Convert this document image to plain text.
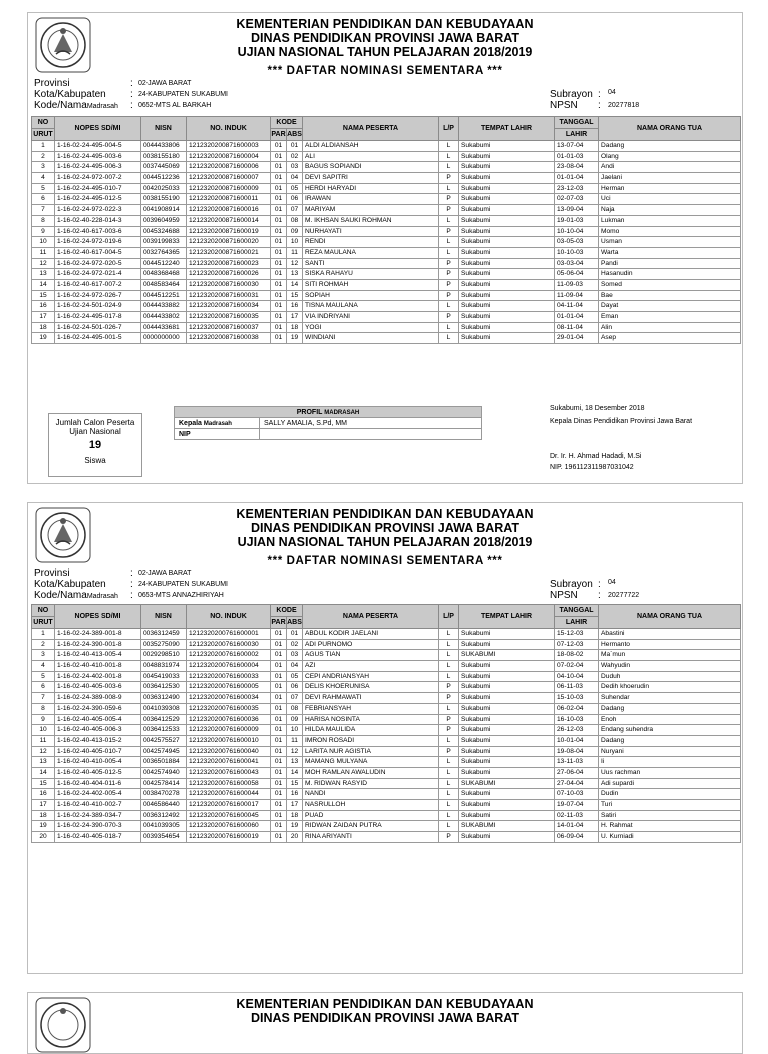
KEMENTERIAN PENDIDIKAN DAN KEBUDAYAAN
DINAS PENDIDIKAN PROVINSI JAWA BARAT
UJIAN NASIONAL TAHUN PELAJARAN 2018/2019
*** DAFTAR NOMINASI SEMENTARA ***
Provinsi	: 02-JAWA BARAT
Kota/Kabupaten : 24-KABUPATEN SUKABUMI
Kode/NamaMadrasah : 0652-MTS AL BARKAH
Subrayon : 04
NPSN : 20277818
NO	NOPES SD/MI	NISN	NO. INDUK	KODE		NAMA PESERTA	L/P	TEMPAT LAHIR	TANGGAL	NAMA ORANG TUA
URUT				PAR	ABS				LAHIR	
1	1-16-02-24-495-004-5	0044433806	1212320200871600003	01	01	ALDI ALDIANSAH	L	Sukabumi	13-07-04	Dadang
2	1-16-02-24-495-003-6	0038155180	1212320200871600004	01	02	ALI	L	Sukabumi	01-01-03	Olang
3	1-16-02-24-495-006-3	0037445069	1212320200871600006	01	03	BAGUS SOPIANDI	L	Sukabumi	23-08-04	Andi
4	1-16-02-24-972-007-2	0044512236	1212320200871600007	01	04	DEVI SAPITRI	P	Sukabumi	01-01-04	Jaelani
5	1-16-02-24-495-010-7	0042025033	1212320200871600009	01	05	HERDI HARYADI	L	Sukabumi	23-12-03	Herman
6	1-16-02-24-495-012-5	0038155190	1212320200871600011	01	06	IRAWAN	P	Sukabumi	02-07-03	Uci
7	1-16-02-24-972-022-3	0041908914	1212320200871600016	01	07	MARIYAM	P	Sukabumi	13-09-04	Naja
8	1-16-02-40-228-014-3	0039604959	1212320200871600014	01	08	M. IKHSAN SAUKI ROHMAN	L	Sukabumi	19-01-03	Lukman
9	1-16-02-40-617-003-6	0045324688	1212320200871600019	01	09	NURHAYATI	P	Sukabumi	10-10-04	Momo
10	1-16-02-24-972-019-6	0039199833	1212320200871600020	01	10	RENDI	L	Sukabumi	03-05-03	Usman
11	1-16-02-40-617-004-5	0032764365	1212320200871600021	01	11	REZA MAULANA	L	Sukabumi	10-10-03	Warta
12	1-16-02-24-972-020-5	0044512240	1212320200871600023	01	12	SANTI	P	Sukabumi	03-03-04	Pandi
13	1-16-02-24-972-021-4	0048368468	1212320200871600026	01	13	SISKA RAHAYU	P	Sukabumi	05-06-04	Hasanudin
14	1-16-02-40-617-007-2	0048583464	1212320200871600030	01	14	SITI ROHMAH	P	Sukabumi	11-09-03	Somed
15	1-16-02-24-972-026-7	0044512251	1212320200871600031	01	15	SOPIAH	P	Sukabumi	11-09-04	Bae
16	1-16-02-24-501-024-9	0044433882	1212320200871600034	01	16	TISNA MAULANA	L	Sukabumi	04-11-04	Dayat
17	1-16-02-24-495-017-8	0044433802	1212320200871600035	01	17	VIA INDRIYANI	P	Sukabumi	01-01-04	Eman
18	1-16-02-24-501-026-7	0044433681	1212320200871600037	01	18	YOGI	L	Sukabumi	08-11-04	Alin
19	1-16-02-24-495-001-5	0000000000	1212320200871600038	01	19	WINDIANI	L	Sukabumi	29-01-04	Asep
Jumlah Calon Peserta
Ujian Nasional
19
Siswa
PROFIL MADRASAH	
Kepala Madrasah	SALLY AMALIA, S.Pd, MM
NIP	
Sukabumi, 18 Desember 2018
Kepala Dinas Pendidikan Provinsi Jawa Barat
Dr. Ir. H. Ahmad Hadadi, M.Si
NIP. 196112311987031042
KEMENTERIAN PENDIDIKAN DAN KEBUDAYAAN
DINAS PENDIDIKAN PROVINSI JAWA BARAT
UJIAN NASIONAL TAHUN PELAJARAN 2018/2019
*** DAFTAR NOMINASI SEMENTARA ***
Provinsi	: 02-JAWA BARAT
Kota/Kabupaten : 24-KABUPATEN SUKABUMI
Kode/NamaMadrasah : 0653-MTS ANNAZHIRIYAH
Subrayon : 04
NPSN : 20277722
NO	NOPES SD/MI	NISN	NO. INDUK	KODE		NAMA PESERTA	L/P	TEMPAT LAHIR	TANGGAL	NAMA ORANG TUA
URUT				PAR	ABS				LAHIR	
1	1-16-02-24-389-001-8	0036312459	1212320200761600001	01	01	ABDUL KODIR JAELANI	L	Sukabumi	15-12-03	Abastini
2	1-16-02-24-390-001-8	0035275090	1212320200761600030	01	02	ADI PURNOMO	L	Sukabumi	07-12-03	Hermanto
3	1-16-02-40-413-005-4	0029298510	1212320200761600002	01	03	AGUS TIAN	L	SUKABUMI	18-08-02	Ma`mun
4	1-16-02-40-410-001-8	0048831974	1212320200761600004	01	04	AZI	L	Sukabumi	07-02-04	Wahyudin
5	1-16-02-24-402-001-8	0045419033	1212320200761600033	01	05	CEPI ANDRIANSYAH	L	Sukabumi	04-10-04	Duduh
6	1-16-02-40-405-003-6	0036412530	1212320200761600005	01	06	DELIS KHOERUNISA	P	Sukabumi	06-11-03	Dedih khoerudin
7	1-16-02-24-389-008-9	0036312490	1212320200761600034	01	07	DEVI RAHMAWATI	P	Sukabumi	15-10-03	Suhendar
8	1-16-02-24-390-059-6	0041039308	1212320200761600035	01	08	FEBRIANSYAH	L	Sukabumi	06-02-04	Dadang
9	1-16-02-40-405-005-4	0036412529	1212320200761600036	01	09	HARISA NOSINTA	P	Sukabumi	16-10-03	Enoh
10	1-16-02-40-405-006-3	0036412533	1212320200761600009	01	10	HILDA MAULIDA	P	Sukabumi	26-12-03	Endang suhendra
11	1-16-02-40-413-015-2	0042575527	1212320200761600010	01	11	IMRON ROSADI	L	Sukabumi	10-01-04	Dadang
12	1-16-02-40-405-010-7	0042574945	1212320200761600040	01	12	LARITA NUR AGISTIA	P	Sukabumi	19-08-04	Nuryani
13	1-16-02-40-410-005-4	0036501884	1212320200761600041	01	13	MAMANG MULYANA	L	Sukabumi	13-11-03	Ii
14	1-16-02-40-405-012-5	0042574940	1212320200761600043	01	14	MOH RAMLAN AWALUDIN	L	Sukabumi	27-06-04	Uus rachman
15	1-16-02-40-404-011-6	0042578414	1212320200761600058	01	15	M. RIDWAN RASYID	L	SUKABUMI	27-04-04	Adi supardi
16	1-16-02-24-402-005-4	0038470278	1212320200761600044	01	16	NANDI	L	Sukabumi	07-10-03	Dudin
17	1-16-02-40-410-002-7	0046586440	1212320200761600017	01	17	NASRULLOH	L	Sukabumi	19-07-04	Turi
18	1-16-02-24-389-034-7	0036312492	1212320200761600045	01	18	PUAD	L	Sukabumi	02-11-03	Satiri
19	1-16-02-24-390-070-3	0041039305	1212320200761600060	01	19	RIDWAN ZAIDAN PUTRA	L	SUKABUMI	14-01-04	H. Rahmat
20	1-16-02-40-405-018-7	0039354654	1212320200761600019	01	20	RINA ARIYANTI	P	Sukabumi	06-09-04	U. Kurniadi
KEMENTERIAN PENDIDIKAN DAN KEBUDAYAAN
DINAS PENDIDIKAN PROVINSI JAWA BARAT
